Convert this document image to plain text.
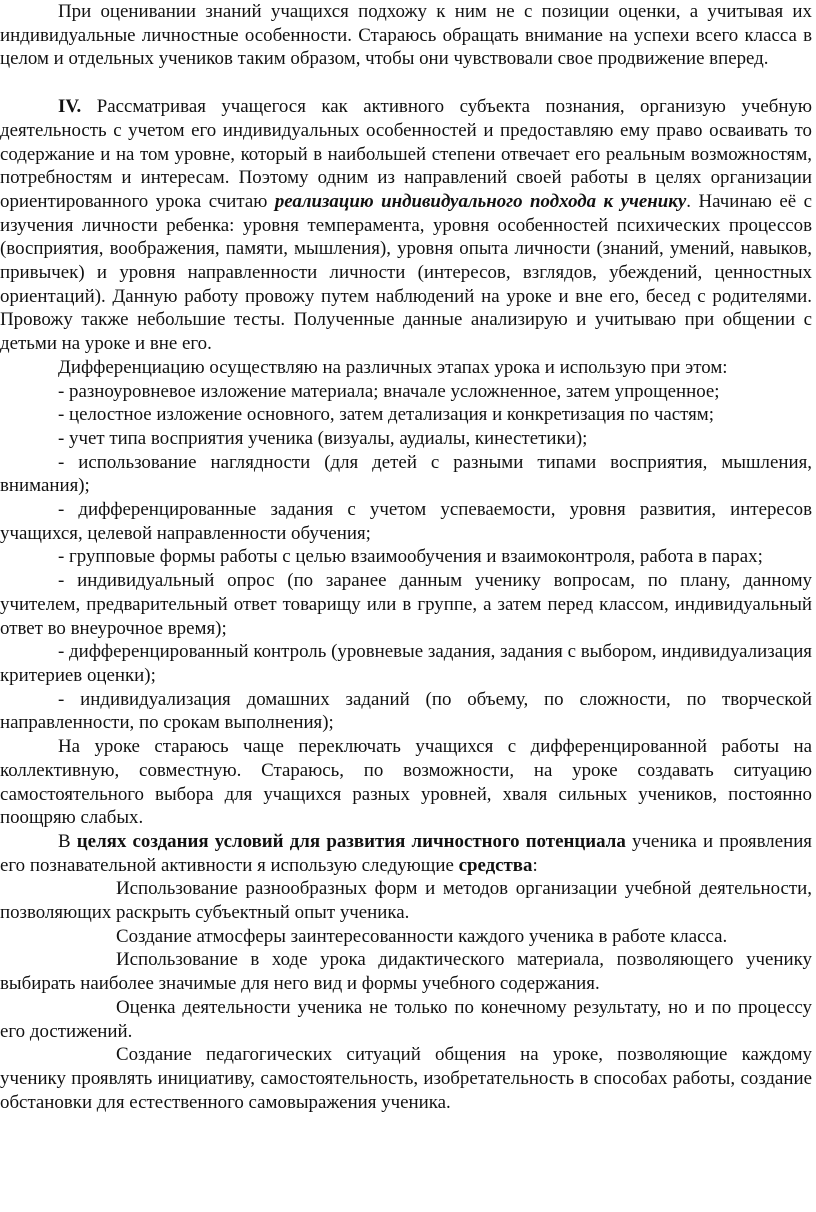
При оценивании знаний учащихся подхожу к ним не с позиции оценки, а учитывая их индивидуальные личностные особенности. Стараюсь обращать внимание на успехи всего класса в целом и отдельных учеников таким образом, чтобы они чувствовали свое продвижение вперед.

IV. Рассматривая учащегося как активного субъекта познания, организую учебную деятельность с учетом его индивидуальных особенностей и предоставляю ему право осваивать то содержание и на том уровне, который в наибольшей степени отвечает его реальным возможностям, потребностям и интересам. Поэтому одним из направлений своей работы в целях организации ориентированного урока считаю реализацию индивидуального подхода к ученику. Начинаю её с изучения личности ребенка: уровня темперамента, уровня особенностей психических процессов (восприятия, воображения, памяти, мышления), уровня опыта личности (знаний, умений, навыков, привычек) и уровня направленности личности (интересов, взглядов, убеждений, ценностных ориентаций). Данную работу провожу путем наблюдений на уроке и вне его, бесед с родителями. Провожу также небольшие тесты. Полученные данные анализирую и учитываю при общении с детьми на уроке и вне его.

Дифференциацию осуществляю на различных этапах урока и использую при этом:

- разноуровневое изложение материала; вначале усложненное, затем упрощенное;

- целостное изложение основного, затем детализация и конкретизация по частям;

- учет типа восприятия ученика (визуалы, аудиалы, кинестетики);

- использование наглядности (для детей с разными типами восприятия, мышления, внимания);

- дифференцированные задания с учетом успеваемости, уровня развития, интересов учащихся, целевой направленности обучения;

- групповые формы работы с целью взаимообучения и взаимоконтроля, работа в парах;

- индивидуальный опрос (по заранее данным ученику вопросам, по плану, данному учителем, предварительный ответ товарищу или в группе, а затем перед классом, индивидуальный ответ во внеурочное время);

- дифференцированный контроль (уровневые задания, задания с выбором, индивидуализация критериев оценки);

- индивидуализация домашних заданий (по объему, по сложности, по творческой направленности, по срокам выполнения);

На уроке стараюсь чаще переключать учащихся с дифференцированной работы на коллективную, совместную. Стараюсь, по возможности, на уроке создавать ситуацию самостоятельного выбора для учащихся разных уровней, хваля сильных учеников, постоянно поощряю слабых.

В целях создания условий для развития личностного потенциала ученика и проявления его познавательной активности я использую следующие средства:

Использование разнообразных форм и методов организации учебной деятельности, позволяющих раскрыть субъектный опыт ученика.

Создание атмосферы заинтересованности каждого ученика в работе класса.

Использование в ходе урока дидактического материала, позволяющего ученику выбирать наиболее значимые для него вид и формы учебного содержания.

Оценка деятельности ученика не только по конечному результату, но и по процессу его достижений.

Создание педагогических ситуаций общения на уроке, позволяющие каждому ученику проявлять инициативу, самостоятельность, изобретательность в способах работы, создание обстановки для естественного самовыражения ученика.
